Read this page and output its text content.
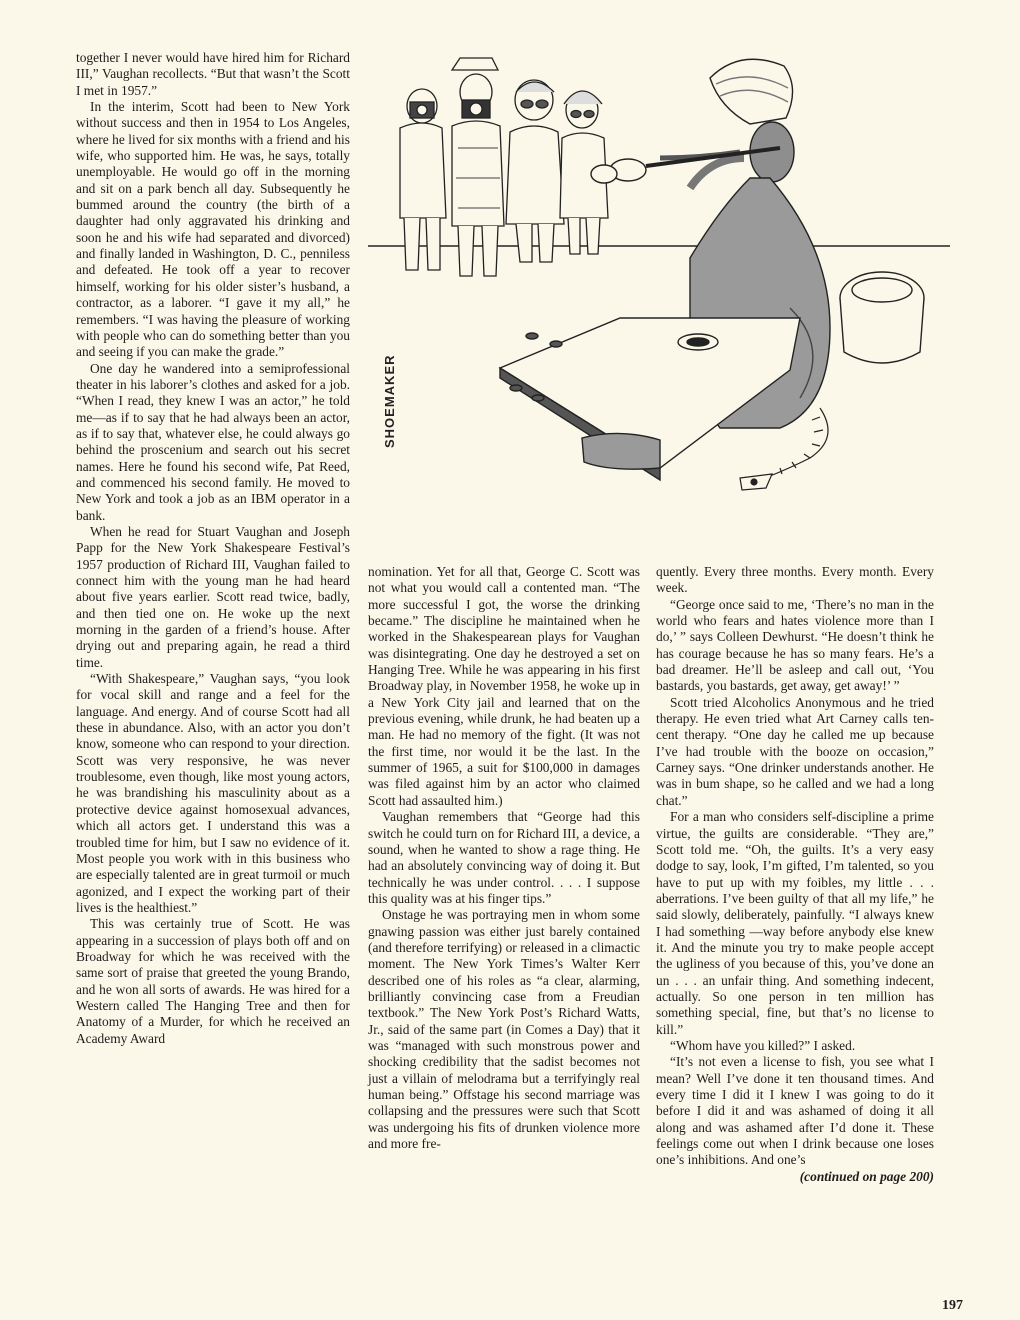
together I never would have hired him for Richard III,” Vaughan recollects. “But that wasn’t the Scott I met in 1957.”

In the interim, Scott had been to New York without success and then in 1954 to Los Angeles, where he lived for six months with a friend and his wife, who supported him. He was, he says, totally unemployable. He would go off in the morning and sit on a park bench all day. Subsequently he bummed around the country (the birth of a daughter had only aggravated his drinking and soon he and his wife had separated and divorced) and finally landed in Washington, D. C., penniless and defeated. He took off a year to recover himself, working for his older sister’s husband, a contractor, as a laborer. “I gave it my all,” he remembers. “I was having the pleasure of working with people who can do something better than you and seeing if you can make the grade.”

One day he wandered into a semiprofessional theater in his laborer’s clothes and asked for a job. “When I read, they knew I was an actor,” he told me—as if to say that he had always been an actor, as if to say that, whatever else, he could always go behind the proscenium and search out his secret names. Here he found his second wife, Pat Reed, and commenced his second family. He moved to New York and took a job as an IBM operator in a bank.

When he read for Stuart Vaughan and Joseph Papp for the New York Shakespeare Festival’s 1957 production of Richard III, Vaughan failed to connect him with the young man he had heard about five years earlier. Scott read twice, badly, and then tied one on. He woke up the next morning in the garden of a friend’s house. After drying out and preparing again, he read a third time.

“With Shakespeare,” Vaughan says, “you look for vocal skill and range and a feel for the language. And energy. And of course Scott had all these in abundance. Also, with an actor you don’t know, someone who can respond to your direction. Scott was very responsive, he was never troublesome, even though, like most young actors, he was brandishing his masculinity about as a protective device against homosexual advances, which all actors get. I understand this was a troubled time for him, but I saw no evidence of it. Most people you work with in this business who are especially talented are in great turmoil or much agonized, and I expect the working part of their lives is the healthiest.”

This was certainly true of Scott. He was appearing in a succession of plays both off and on Broadway for which he was received with the same sort of praise that greeted the young Brando, and he won all sorts of awards. He was hired for a Western called The Hanging Tree and then for Anatomy of a Murder, for which he received an Academy Award

SHOEMAKER

nomination. Yet for all that, George C. Scott was not what you would call a contented man. “The more successful I got, the worse the drinking became.” The discipline he maintained when he worked in the Shakespearean plays for Vaughan was disintegrating. One day he destroyed a set on Hanging Tree. While he was appearing in his first Broadway play, in November 1958, he woke up in a New York City jail and learned that on the previous evening, while drunk, he had beaten up a man. He had no memory of the fight. (It was not the first time, nor would it be the last. In the summer of 1965, a suit for $100,000 in damages was filed against him by an actor who claimed Scott had assaulted him.)

Vaughan remembers that “George had this switch he could turn on for Richard III, a device, a sound, when he wanted to show a rage thing. He had an absolutely convincing way of doing it. But technically he was under control. . . . I suppose this quality was at his finger tips.”

Onstage he was portraying men in whom some gnawing passion was either just barely contained (and therefore terrifying) or released in a climactic moment. The New York Times’s Walter Kerr described one of his roles as “a clear, alarming, brilliantly convincing case from a Freudian textbook.” The New York Post’s Richard Watts, Jr., said of the same part (in Comes a Day) that it was “managed with such monstrous power and shocking credibility that the sadist becomes not just a villain of melodrama but a terrifyingly real human being.” Offstage his second marriage was collapsing and the pressures were such that Scott was undergoing his fits of drunken violence more and more fre-

quently. Every three months. Every month. Every week.

“George once said to me, ‘There’s no man in the world who fears and hates violence more than I do,’ ” says Colleen Dewhurst. “He doesn’t think he has courage because he has so many fears. He’s a bad dreamer. He’ll be asleep and call out, ‘You bastards, you bastards, get away, get away!’ ”

Scott tried Alcoholics Anonymous and he tried therapy. He even tried what Art Carney calls ten-cent therapy. “One day he called me up because I’ve had trouble with the booze on occasion,” Carney says. “One drinker understands another. He was in bum shape, so he called and we had a long chat.”

For a man who considers self-discipline a prime virtue, the guilts are considerable. “They are,” Scott told me. “Oh, the guilts. It’s a very easy dodge to say, look, I’m gifted, I’m talented, so you have to put up with my foibles, my little . . . aberrations. I’ve been guilty of that all my life,” he said slowly, deliberately, painfully. “I always knew I had something —way before anybody else knew it. And the minute you try to make people accept the ugliness of you because of this, you’ve done an un . . . an unfair thing. And something indecent, actually. So one person in ten million has something special, fine, but that’s no license to kill.”

“Whom have you killed?” I asked.

“It’s not even a license to fish, you see what I mean? Well I’ve done it ten thousand times. And every time I did it I knew I was going to do it before I did it and was ashamed of doing it all along and was ashamed after I’d done it. These feelings come out when I drink because one loses one’s inhibitions. And one’s

(continued on page 200)

197
